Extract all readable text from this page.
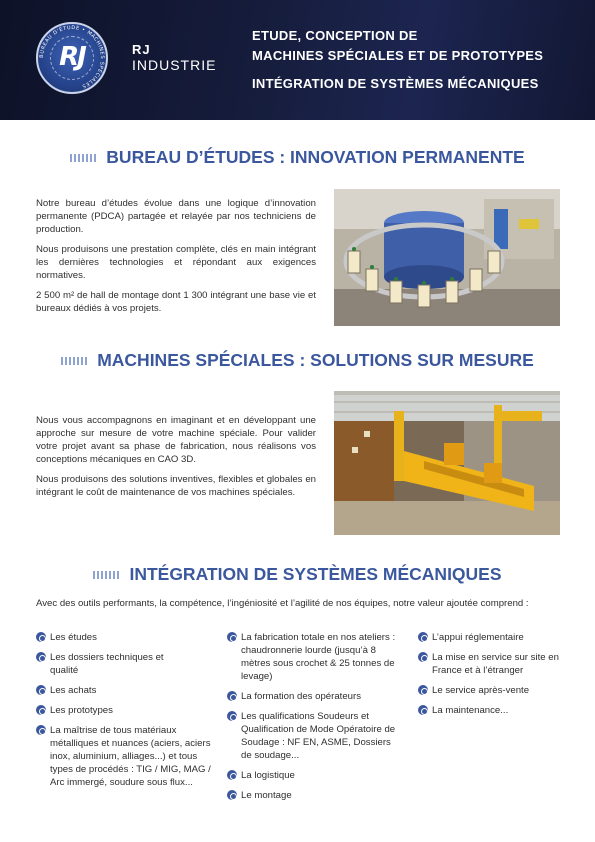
BUREAU D'ÉTUDE • MACHINES SPÉCIALES
RJ	RJ
INDUSTRIE
ETUDE, CONCEPTION DE
MACHINES SPÉCIALES ET DE PROTOTYPES
INTÉGRATION DE SYSTÈMES MÉCANIQUES
BUREAU D’ÉTUDES : INNOVATION PERMANENTE

Notre bureau d’études évolue dans une logique d’innovation permanente (PDCA) partagée et relayée par nos techniciens de production.

Nous produisons une prestation complète, clés en main intégrant les dernières technologies et répondant aux exigences normatives.

2 500 m² de hall de montage dont 1 300 intégrant une base vie et bureaux dédiés à vos projets.

MACHINES SPÉCIALES : SOLUTIONS SUR MESURE

Nous vous accompagnons en imaginant et en développant une approche sur mesure de votre machine spéciale. Pour valider votre projet avant sa phase de fabrication, nous réalisons vos conceptions mécaniques en CAO 3D.

Nous produisons des solutions inventives, flexibles et globales en intégrant le coût de maintenance de vos machines spéciales.

INTÉGRATION DE SYSTÈMES MÉCANIQUES
Avec des outils performants, la compétence, l’ingéniosité et l’agilité de nos équipes, notre valeur ajoutée comprend :
Les études
Les dossiers techniques et qualité
Les achats
Les prototypes
La maîtrise de tous matériaux métalliques et nuances (aciers, aciers inox, aluminium, alliages...) et tous types de procédés : TIG / MIG, MAG / Arc immergé, soudure sous flux...
La fabrication totale en nos ateliers : chaudronnerie lourde (jusqu’à 8 mètres sous crochet & 25 tonnes de levage)
La formation des opérateurs
Les qualifications Soudeurs et Qualification de Mode Opératoire de Soudage : NF EN, ASME, Dossiers de soudage...
La logistique
Le montage
L’appui réglementaire
La mise en service sur site en France et à l’étranger
Le service après-vente
La maintenance...
